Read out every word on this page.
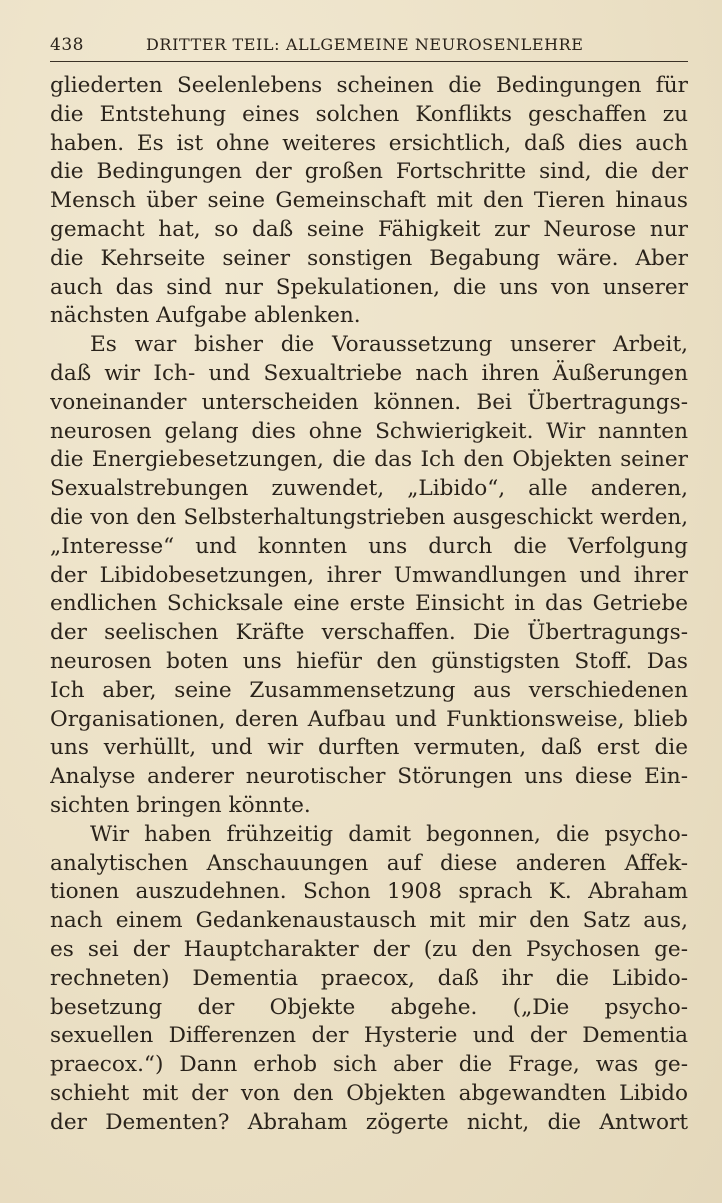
438	DRITTER TEIL: ALLGEMEINE NEUROSENLEHRE
gliederten Seelenlebens scheinen die Bedingungen für
die Entstehung eines solchen Konflikts geschaffen zu
haben. Es ist ohne weiteres ersichtlich, daß dies auch
die Bedingungen der großen Fortschritte sind, die der
Mensch über seine Gemeinschaft mit den Tieren hinaus
gemacht hat, so daß seine Fähigkeit zur Neurose nur
die Kehrseite seiner sonstigen Begabung wäre. Aber
auch das sind nur Spekulationen, die uns von unserer
nächsten Aufgabe ablenken.
Es war bisher die Voraussetzung unserer Arbeit,
daß wir Ich- und Sexualtriebe nach ihren Äußerungen
voneinander unterscheiden können. Bei Übertragungs-
neurosen gelang dies ohne Schwierigkeit. Wir nannten
die Energiebesetzungen, die das Ich den Objekten seiner
Sexualstrebungen zuwendet, „Libido“, alle anderen,
die von den Selbsterhaltungstrieben ausgeschickt werden,
„Interesse“ und konnten uns durch die Verfolgung
der Libidobesetzungen, ihrer Umwandlungen und ihrer
endlichen Schicksale eine erste Einsicht in das Getriebe
der seelischen Kräfte verschaffen. Die Übertragungs-
neurosen boten uns hiefür den günstigsten Stoff. Das
Ich aber, seine Zusammensetzung aus verschiedenen
Organisationen, deren Aufbau und Funktionsweise, blieb
uns verhüllt, und wir durften vermuten, daß erst die
Analyse anderer neurotischer Störungen uns diese Ein-
sichten bringen könnte.
Wir haben frühzeitig damit begonnen, die psycho-
analytischen Anschauungen auf diese anderen Affek-
tionen auszudehnen. Schon 1908 sprach K. Abraham
nach einem Gedankenaustausch mit mir den Satz aus,
es sei der Hauptcharakter der (zu den Psychosen ge-
rechneten) Dementia praecox, daß ihr die Libido-
besetzung der Objekte abgehe. („Die psycho-
sexuellen Differenzen der Hysterie und der Dementia
praecox.“) Dann erhob sich aber die Frage, was ge-
schieht mit der von den Objekten abgewandten Libido
der Dementen? Abraham zögerte nicht, die Antwort
